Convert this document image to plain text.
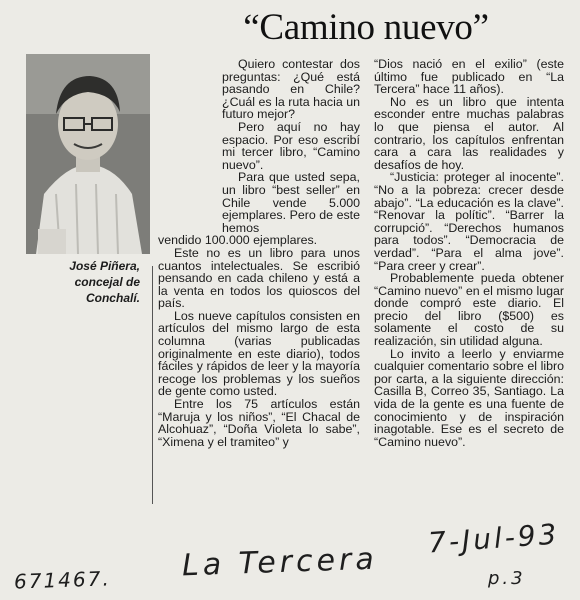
“Camino nuevo”
José Piñera,
concejal de
Conchalí.

Quiero contestar dos preguntas: ¿Qué está pasando en Chile? ¿Cuál es la ruta hacia un futuro mejor?

Pero aquí no hay espacio. Por eso escribí mi tercer libro, “Camino nuevo”.

Para que usted sepa, un libro “best seller” en Chile vende 5.000 ejemplares. Pero de este hemos

vendido 100.000 ejemplares.

Este no es un libro para unos cuantos intelectuales. Se escribió pensando en cada chileno y está a la venta en todos los quioscos del país.

Los nueve capítulos consisten en artículos del mismo largo de esta columna (varias publicadas originalmente en este diario), todos fáciles y rápidos de leer y la mayoría recoge los problemas y los sueños de gente como usted.

Entre los 75 artículos están “Maruja y los niños”, “El Chacal de Alcohuaz”, “Doña Violeta lo sabe”, “Ximena y el tramiteo” y

“Dios nació en el exilio” (este último fue publicado en “La Tercera” hace 11 años).

No es un libro que intenta esconder entre muchas palabras lo que piensa el autor. Al contrario, los capítulos enfrentan cara a cara las realidades y desafíos de hoy.

“Justicia: proteger al inocente”. “No a la pobreza: crecer desde abajo”. “La educación es la clave”. “Renovar la polític”. “Barrer la corrupció”. “Derechos humanos para todos”. “Democracia de verdad”. “Para el alma jove”. “Para creer y crear”.

Probablemente pueda obtener “Camino nuevo” en el mismo lugar donde compró este diario. El precio del libro ($500) es solamente el costo de su realización, sin utilidad alguna.

Lo invito a leerlo y enviarme cualquier comentario sobre el libro por carta, a la siguiente dirección: Casilla B, Correo 35, Santiago. La vida de la gente es una fuente de conocimiento y de inspiración inagotable. Ese es el secreto de “Camino nuevo”.

La Tercera
7-Jul-93
p.3
671467.
